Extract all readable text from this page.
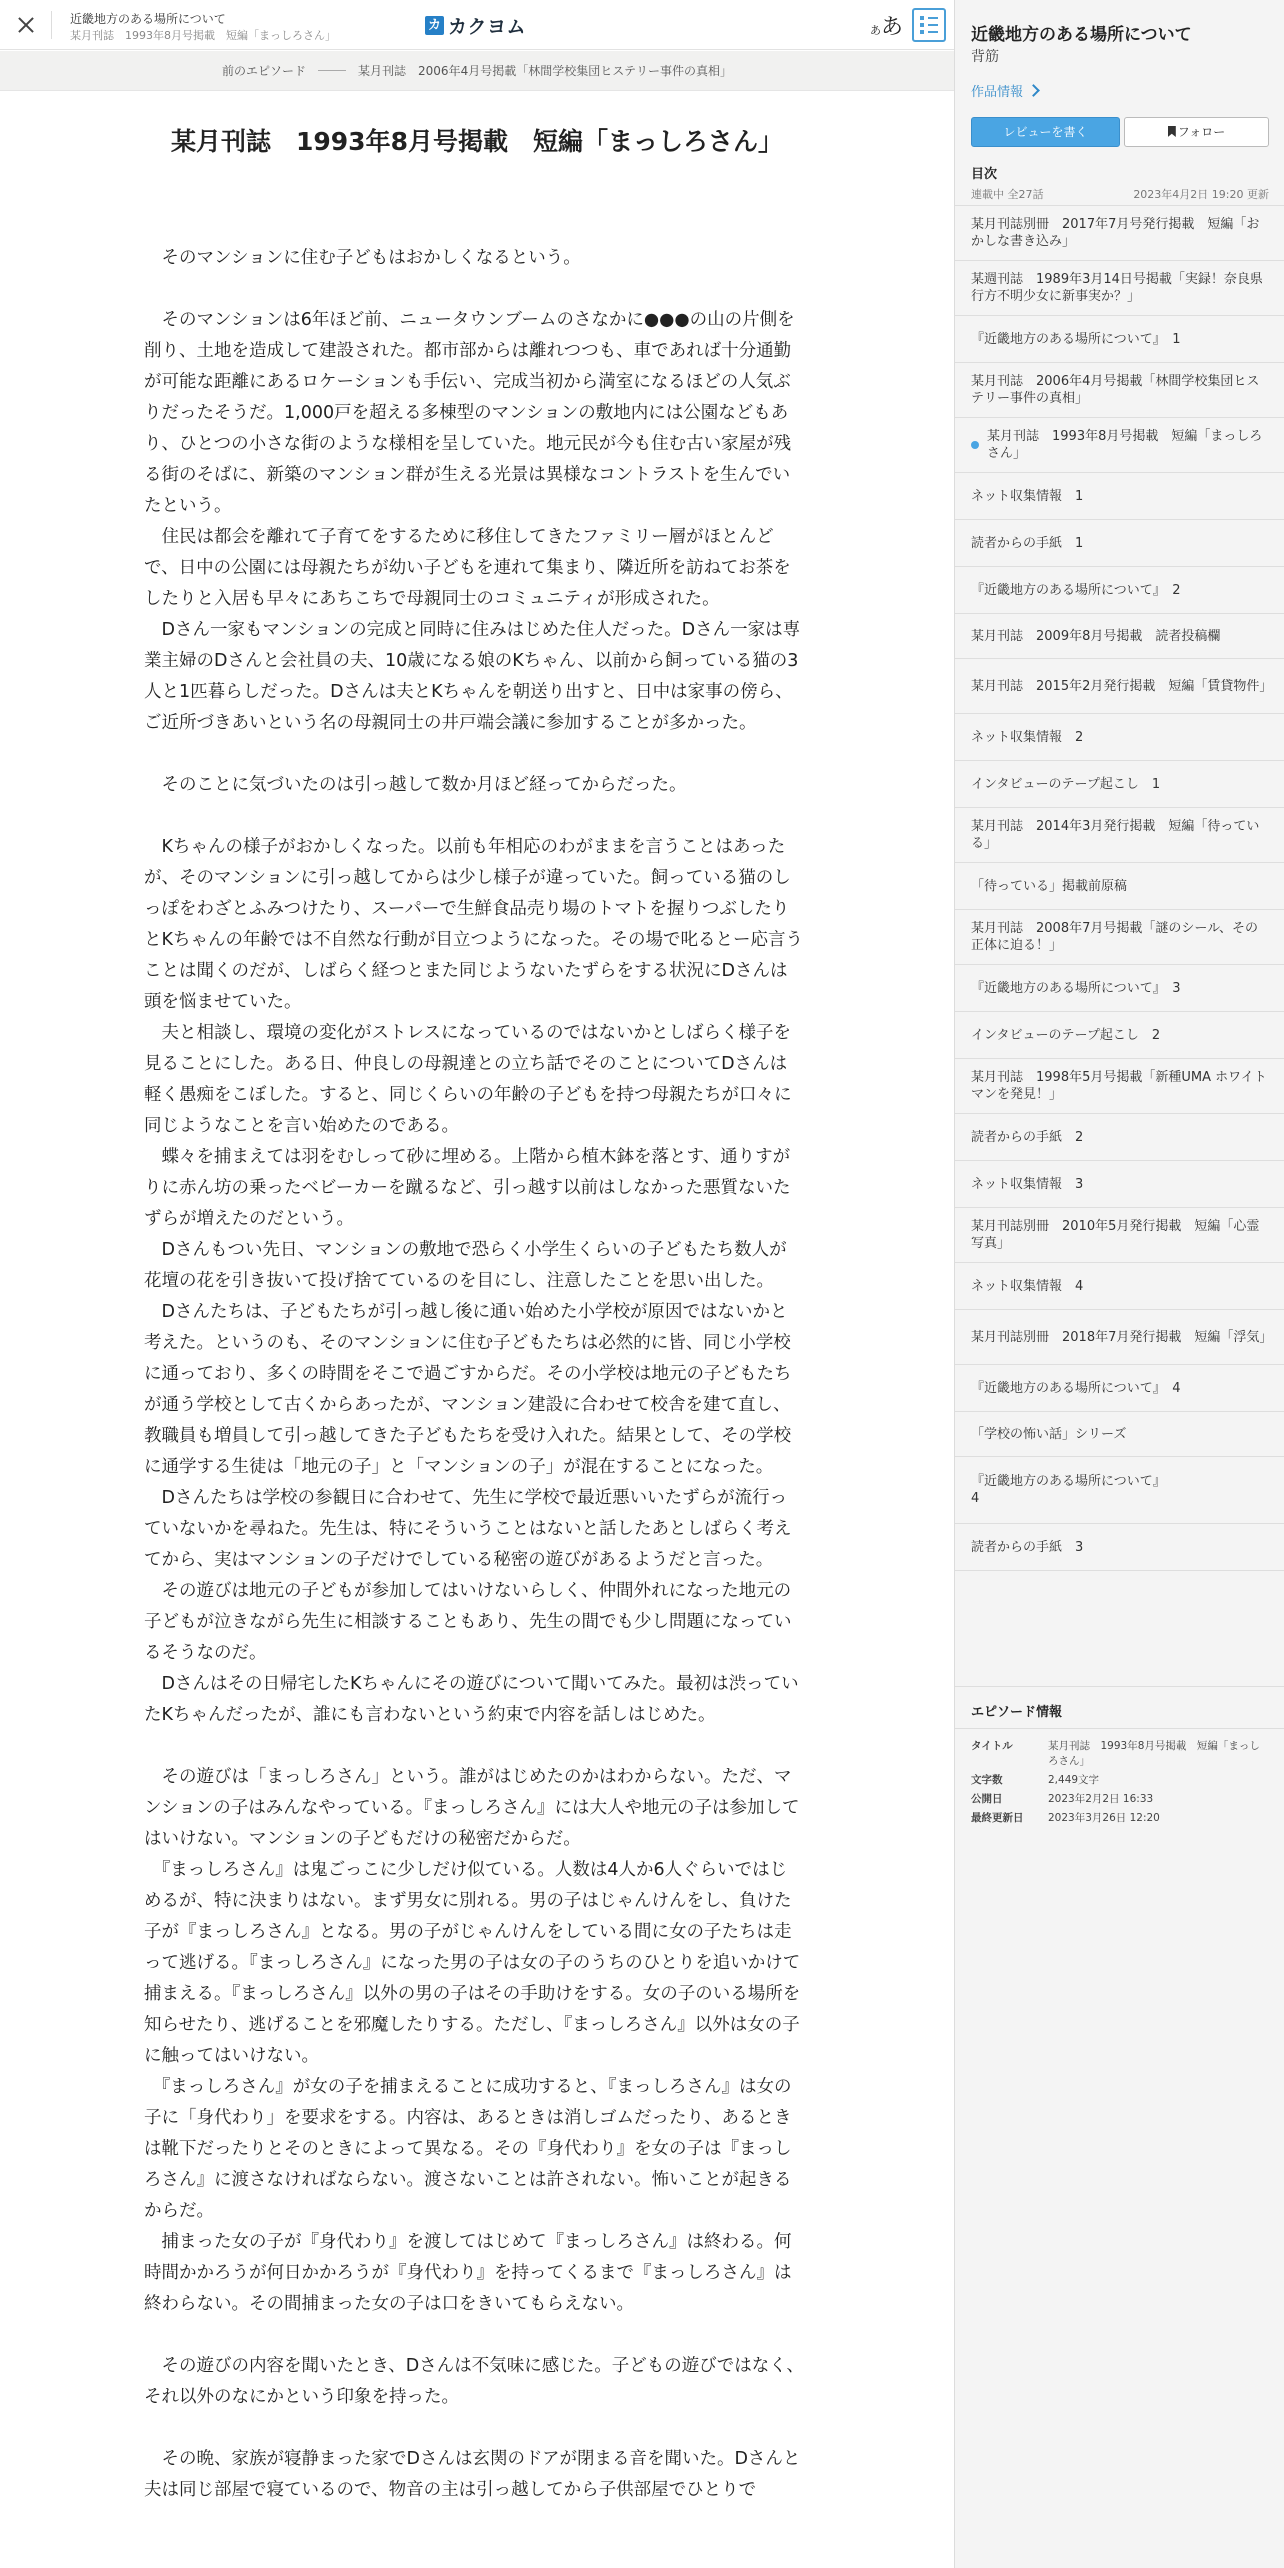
近畿地方のある場所について
某月刊誌　1993年8月号掲載　短編「まっしろさん」
カ カクヨム	ああ
前のエピソード	某月刊誌　2006年4月号掲載「林間学校集団ヒステリー事件の真相」
某月刊誌　1993年8月号掲載　短編「まっしろさん」

　そのマンションに住む子どもはおかしくなるという。

　そのマンションは6年ほど前、ニュータウンブームのさなかに●●●の山の片側を削り、土地を造成して建設された。都市部からは離れつつも、車であれば十分通勤が可能な距離にあるロケーションも手伝い、完成当初から満室になるほどの人気ぶりだったそうだ。1,000戸を超える多棟型のマンションの敷地内には公園などもあり、ひとつの小さな街のような様相を呈していた。地元民が今も住む古い家屋が残る街のそばに、新築のマンション群が生える光景は異様なコントラストを生んでいたという。

　住民は都会を離れて子育てをするために移住してきたファミリー層がほとんどで、日中の公園には母親たちが幼い子どもを連れて集まり、隣近所を訪ねてお茶をしたりと入居も早々にあちこちで母親同士のコミュニティが形成された。

　Dさん一家もマンションの完成と同時に住みはじめた住人だった。Dさん一家は専業主婦のDさんと会社員の夫、10歳になる娘のKちゃん、以前から飼っている猫の3人と1匹暮らしだった。Dさんは夫とKちゃんを朝送り出すと、日中は家事の傍ら、ご近所づきあいという名の母親同士の井戸端会議に参加することが多かった。

　そのことに気づいたのは引っ越して数か月ほど経ってからだった。

　Kちゃんの様子がおかしくなった。以前も年相応のわがままを言うことはあったが、そのマンションに引っ越してからは少し様子が違っていた。飼っている猫のしっぽをわざとふみつけたり、スーパーで生鮮食品売り場のトマトを握りつぶしたりとKちゃんの年齢では不自然な行動が目立つようになった。その場で叱るとー応言うことは聞くのだが、しばらく経つとまた同じようないたずらをする状況にDさんは頭を悩ませていた。

　夫と相談し、環境の変化がストレスになっているのではないかとしばらく様子を見ることにした。ある日、仲良しの母親達との立ち話でそのことについてDさんは軽く愚痴をこぼした。すると、同じくらいの年齢の子どもを持つ母親たちが口々に同じようなことを言い始めたのである。

　蝶々を捕まえては羽をむしって砂に埋める。上階から植木鉢を落とす、通りすがりに赤ん坊の乗ったベビーカーを蹴るなど、引っ越す以前はしなかった悪質ないたずらが増えたのだという。

　Dさんもつい先日、マンションの敷地で恐らく小学生くらいの子どもたち数人が花壇の花を引き抜いて投げ捨てているのを目にし、注意したことを思い出した。

　Dさんたちは、子どもたちが引っ越し後に通い始めた小学校が原因ではないかと考えた。というのも、そのマンションに住む子どもたちは必然的に皆、同じ小学校に通っており、多くの時間をそこで過ごすからだ。その小学校は地元の子どもたちが通う学校として古くからあったが、マンション建設に合わせて校舎を建て直し、教職員も増員して引っ越してきた子どもたちを受け入れた。結果として、その学校に通学する生徒は「地元の子」と「マンションの子」が混在することになった。

　Dさんたちは学校の参観日に合わせて、先生に学校で最近悪いいたずらが流行っていないかを尋ねた。先生は、特にそういうことはないと話したあとしばらく考えてから、実はマンションの子だけでしている秘密の遊びがあるようだと言った。

　その遊びは地元の子どもが参加してはいけないらしく、仲間外れになった地元の子どもが泣きながら先生に相談することもあり、先生の間でも少し問題になっているそうなのだ。

　Dさんはその日帰宅したKちゃんにその遊びについて聞いてみた。最初は渋っていたKちゃんだったが、誰にも言わないという約束で内容を話しはじめた。

　その遊びは「まっしろさん」という。誰がはじめたのかはわからない。ただ、マンションの子はみんなやっている。『まっしろさん』には大人や地元の子は参加してはいけない。マンションの子どもだけの秘密だからだ。

　『まっしろさん』は鬼ごっこに少しだけ似ている。人数は4人か6人ぐらいではじめるが、特に決まりはない。まず男女に別れる。男の子はじゃんけんをし、負けた子が『まっしろさん』となる。男の子がじゃんけんをしている間に女の子たちは走って逃げる。『まっしろさん』になった男の子は女の子のうちのひとりを追いかけて捕まえる。『まっしろさん』以外の男の子はその手助けをする。女の子のいる場所を知らせたり、逃げることを邪魔したりする。ただし、『まっしろさん』以外は女の子に触ってはいけない。

　『まっしろさん』が女の子を捕まえることに成功すると、『まっしろさん』は女の子に「身代わり」を要求をする。内容は、あるときは消しゴムだったり、あるときは靴下だったりとそのときによって異なる。その『身代わり』を女の子は『まっしろさん』に渡さなければならない。渡さないことは許されない。怖いことが起きるからだ。

　捕まった女の子が『身代わり』を渡してはじめて『まっしろさん』は終わる。何時間かかろうが何日かかろうが『身代わり』を持ってくるまで『まっしろさん』は終わらない。その間捕まった女の子は口をきいてもらえない。

　その遊びの内容を聞いたとき、Dさんは不気味に感じた。子どもの遊びではなく、それ以外のなにかという印象を持った。

　その晩、家族が寝静まった家でDさんは玄関のドアが閉まる音を聞いた。Dさんと夫は同じ部屋で寝ているので、物音の主は引っ越してから子供部屋でひとりで

近畿地方のある場所について
背筋
作品情報
レビューを書く	フォロー
目次
連載中 全27話	2023年4月2日 19:20 更新
某月刊誌別冊　2017年7月号発行掲載　短編「おかしな書き込み」
某週刊誌　1989年3月14日号掲載「実録！奈良県行方不明少女に新事実か？」
『近畿地方のある場所について』　1
某月刊誌　2006年4月号掲載「林間学校集団ヒステリー事件の真相」
某月刊誌　1993年8月号掲載　短編「まっしろさん」
ネット収集情報　1
読者からの手紙　1
『近畿地方のある場所について』　2
某月刊誌　2009年8月号掲載　読者投稿欄
某月刊誌　2015年2月発行掲載　短編「賃貸物件」
ネット収集情報　2
インタビューのテープ起こし　1
某月刊誌　2014年3月発行掲載　短編「待っている」
「待っている」掲載前原稿
某月刊誌　2008年7月号掲載「謎のシール、その正体に迫る！」
『近畿地方のある場所について』　3
インタビューのテープ起こし　2
某月刊誌　1998年5月号掲載「新種UMA ホワイトマンを発見！」
読者からの手紙　2
ネット収集情報　3
某月刊誌別冊　2010年5月発行掲載　短編「心霊写真」
ネット収集情報　4
某月刊誌別冊　2018年7月発行掲載　短編「浮気」
『近畿地方のある場所について』　4
「学校の怖い話」シリーズ
『近畿地方のある場所について』
4
読者からの手紙　3
エピソード情報
タイトル	某月刊誌　1993年8月号掲載　短編「まっしろさん」
文字数	2,449文字
公開日	2023年2月2日 16:33
最終更新日	2023年3月26日 12:20
